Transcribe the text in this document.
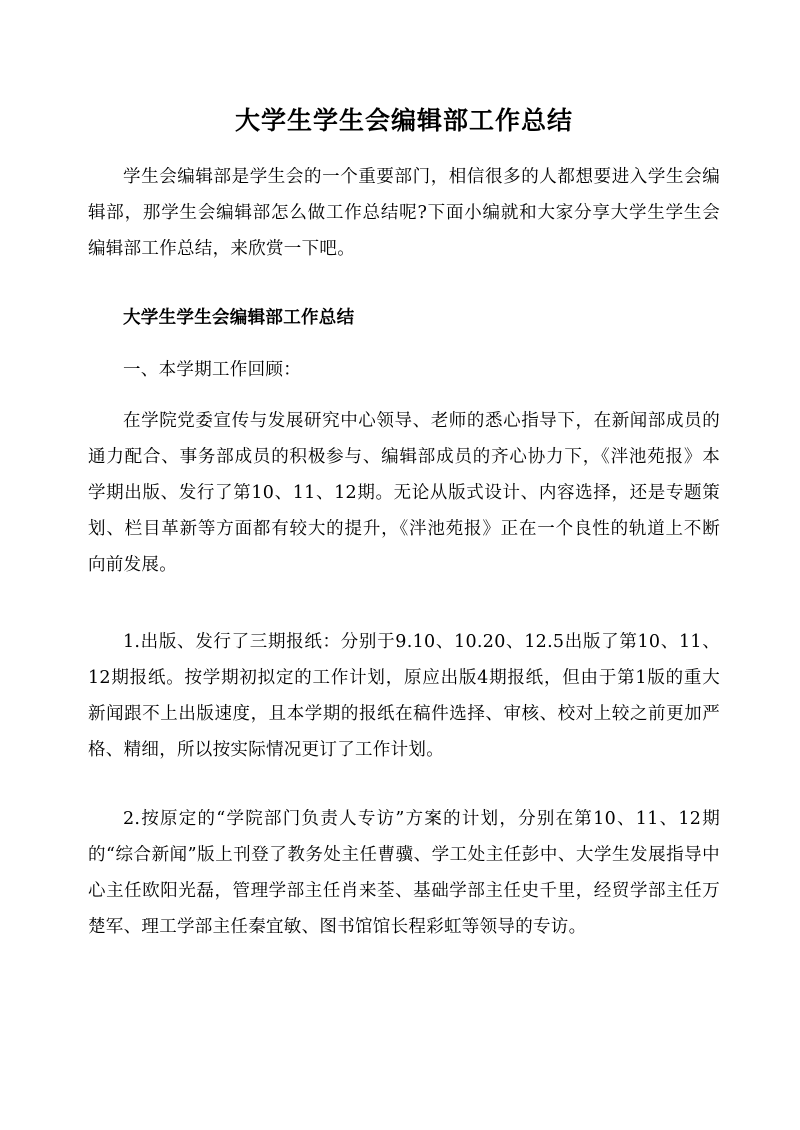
大学生学生会编辑部工作总结

学生会编辑部是学生会的一个重要部门，相信很多的人都想要进入学生会编辑部，那学生会编辑部怎么做工作总结呢?下面小编就和大家分享大学生学生会编辑部工作总结，来欣赏一下吧。

大学生学生会编辑部工作总结

一、本学期工作回顾：

在学院党委宣传与发展研究中心领导、老师的悉心指导下，在新闻部成员的通力配合、事务部成员的积极参与、编辑部成员的齐心协力下，《泮池苑报》本学期出版、发行了第10、11、12期。无论从版式设计、内容选择，还是专题策划、栏目革新等方面都有较大的提升，《泮池苑报》正在一个良性的轨道上不断向前发展。

1.出版、发行了三期报纸：分别于9.10、10.20、12.5出版了第10、11、12期报纸。按学期初拟定的工作计划，原应出版4期报纸，但由于第1版的重大新闻跟不上出版速度，且本学期的报纸在稿件选择、审核、校对上较之前更加严格、精细，所以按实际情况更订了工作计划。

2.按原定的“学院部门负责人专访”方案的计划，分别在第10、11、12期的“综合新闻”版上刊登了教务处主任曹骥、学工处主任彭中、大学生发展指导中心主任欧阳光磊，管理学部主任肖来荃、基础学部主任史千里，经贸学部主任万楚军、理工学部主任秦宜敏、图书馆馆长程彩虹等领导的专访。
